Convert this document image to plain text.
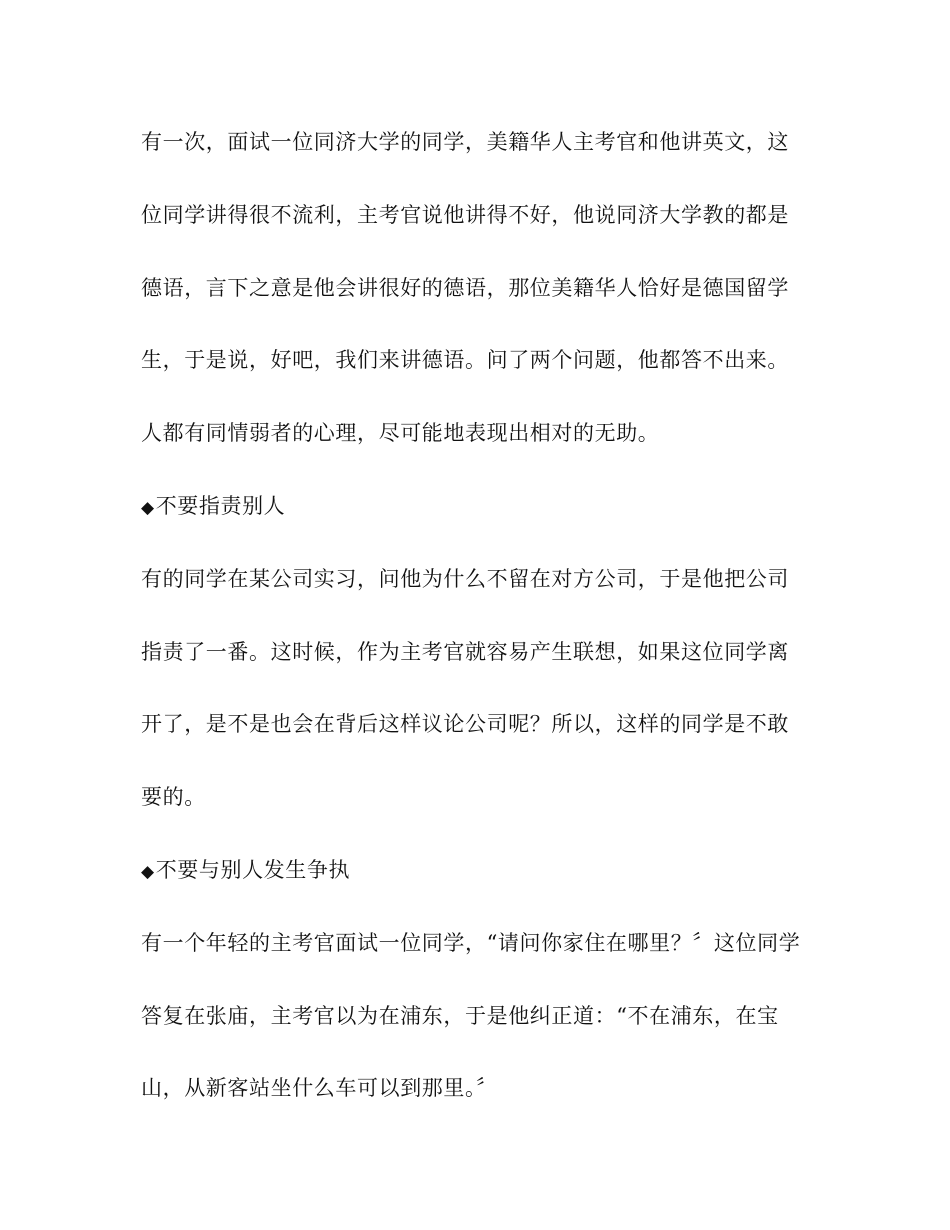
有一次，面试一位同济大学的同学，美籍华人主考官和他讲英文，这
位同学讲得很不流利，主考官说他讲得不好，他说同济大学教的都是
德语，言下之意是他会讲很好的德语，那位美籍华人恰好是德国留学
生，于是说，好吧，我们来讲德语。问了两个问题，他都答不出来。
人都有同情弱者的心理，尽可能地表现出相对的无助。
◆不要指责别人
有的同学在某公司实习，问他为什么不留在对方公司，于是他把公司
指责了一番。这时候，作为主考官就容易产生联想，如果这位同学离
开了，是不是也会在背后这样议论公司呢？所以，这样的同学是不敢
要的。
◆不要与别人发生争执
有一个年轻的主考官面试一位同学，“请问你家住在哪里？〞这位同学
答复在张庙，主考官以为在浦东，于是他纠正道：“不在浦东，在宝
山，从新客站坐什么车可以到那里。〞
